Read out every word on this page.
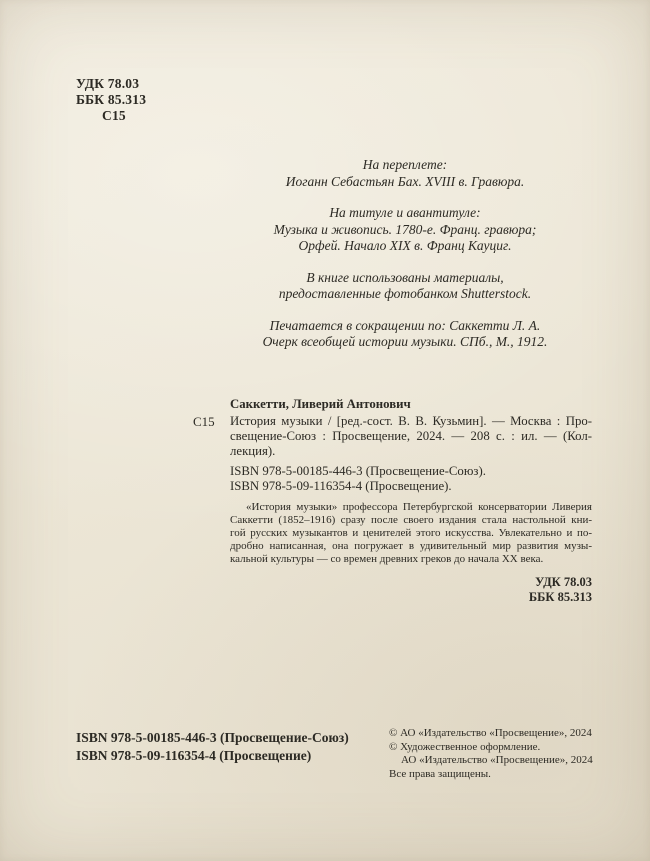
УДК 78.03
ББК 85.313
С15
На переплете:
Иоганн Себастьян Бах. XVIII в. Гравюра.
На титуле и авантитуле:
Музыка и живопись. 1780-е. Франц. гравюра;
Орфей. Начало XIX в. Франц Кауциг.
В книге использованы материалы,
предоставленные фотобанком Shutterstock.
Печатается в сокращении по: Саккетти Л. А.
Очерк всеобщей истории музыки. СПб., М., 1912.
С15
Саккетти, Ливерий Антонович
История музыки / [ред.-сост. В. В. Кузьмин]. — Москва : Про-
свещение-Союз : Просвещение, 2024. — 208 с. : ил. — (Кол-
лекция).
ISBN 978-5-00185-446-3 (Просвещение-Союз).
ISBN 978-5-09-116354-4 (Просвещение).
«История музыки» профессора Петербургской консерватории Ливерия
Саккетти (1852–1916) сразу после своего издания стала настольной кни-
гой русских музыкантов и ценителей этого искусства. Увлекательно и по-
дробно написанная, она погружает в удивительный мир развития музы-
кальной культуры — со времен древних греков до начала XX века.
УДК 78.03
ББК 85.313
ISBN 978-5-00185-446-3 (Просвещение-Союз)
ISBN 978-5-09-116354-4 (Просвещение)
© АО «Издательство «Просвещение», 2024
© Художественное оформление.
АО «Издательство «Просвещение», 2024
Все права защищены.
